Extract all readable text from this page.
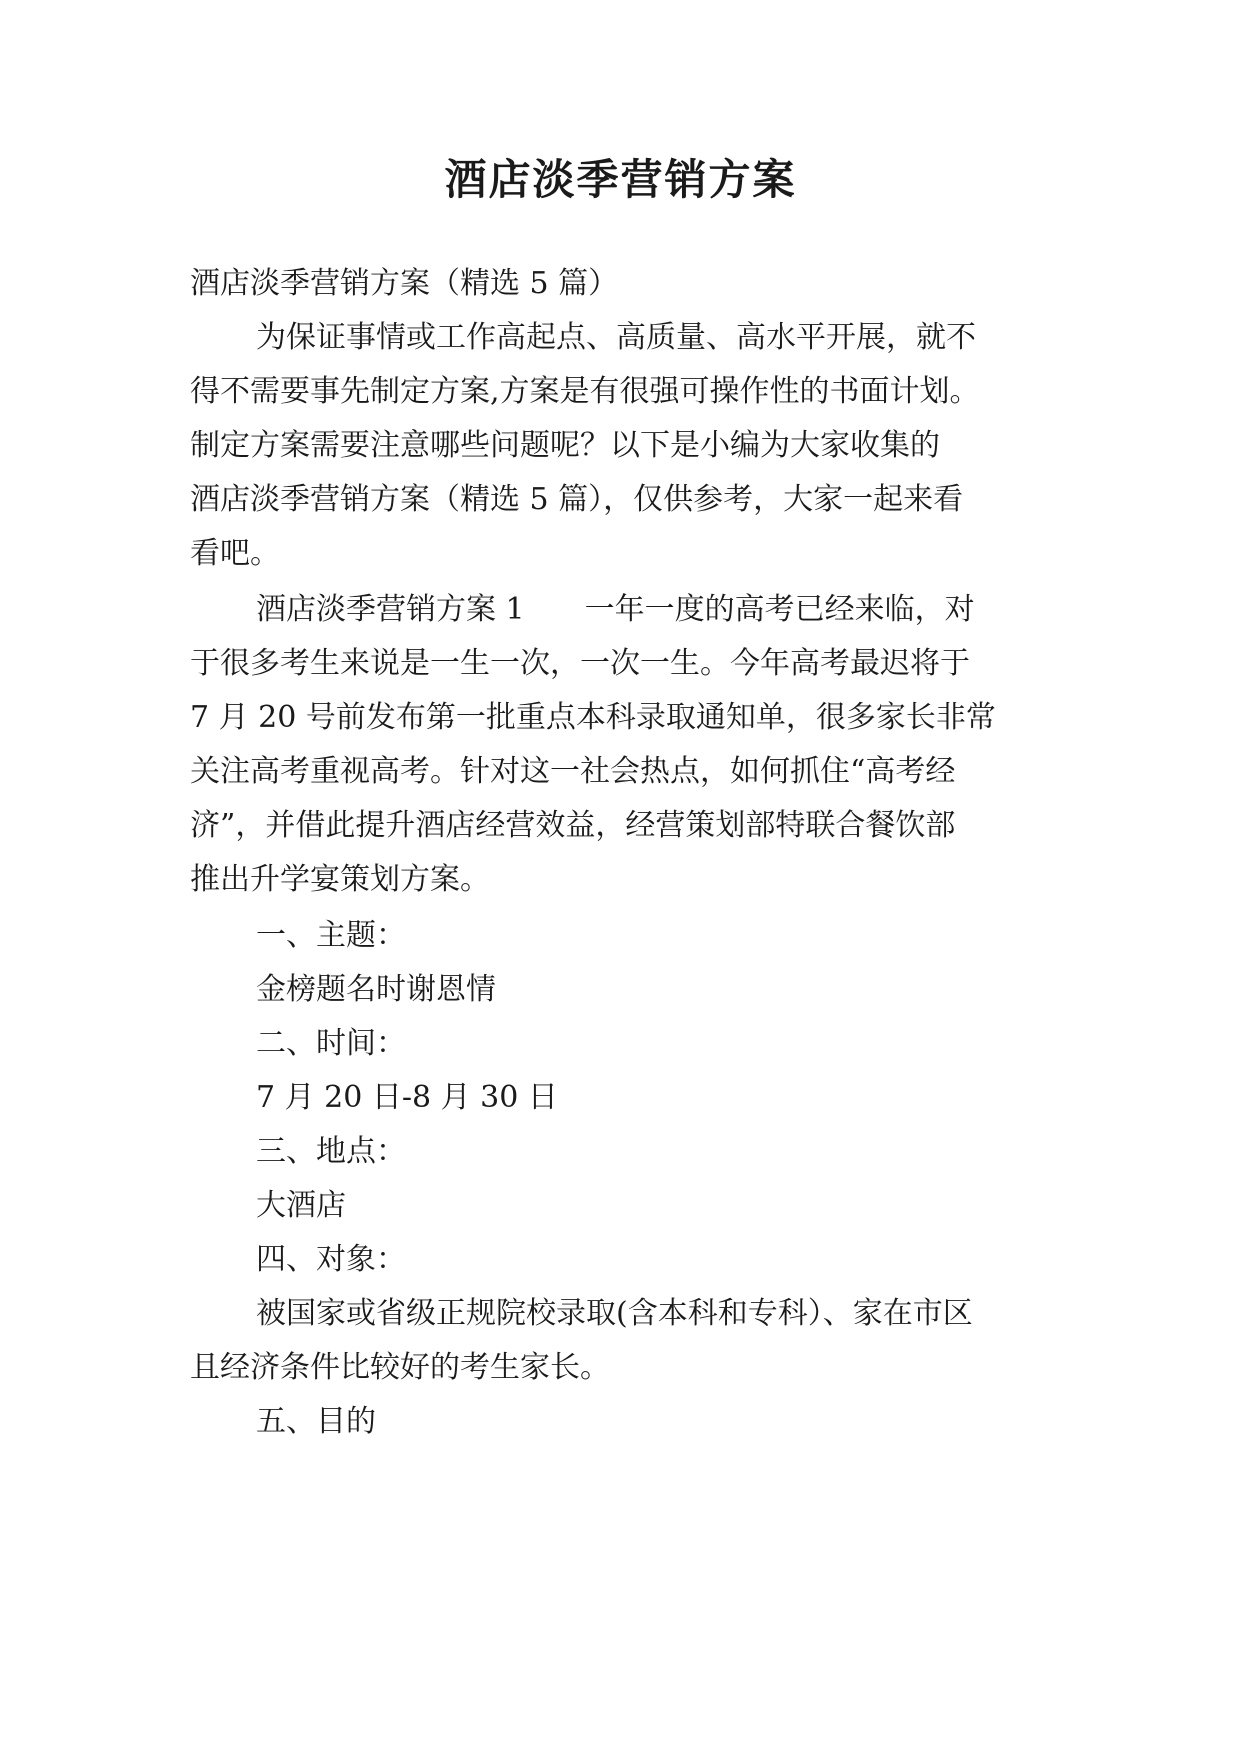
酒店淡季营销方案

酒店淡季营销方案（精选 5 篇）

为保证事情或工作高起点、高质量、高水平开展，就不

得不需要事先制定方案,方案是有很强可操作性的书面计划。

制定方案需要注意哪些问题呢？以下是小编为大家收集的

酒店淡季营销方案（精选 5 篇），仅供参考，大家一起来看

看吧。

酒店淡季营销方案 1　　一年一度的高考已经来临，对

于很多考生来说是一生一次，一次一生。今年高考最迟将于

7 月 20 号前发布第一批重点本科录取通知单，很多家长非常

关注高考重视高考。针对这一社会热点，如何抓住“高考经

济”，并借此提升酒店经营效益，经营策划部特联合餐饮部

推出升学宴策划方案。

一、主题：

金榜题名时谢恩情

二、时间：

7 月 20 日-8 月 30 日

三、地点：

大酒店

四、对象：

被国家或省级正规院校录取(含本科和专科）、家在市区

且经济条件比较好的考生家长。

五、目的
